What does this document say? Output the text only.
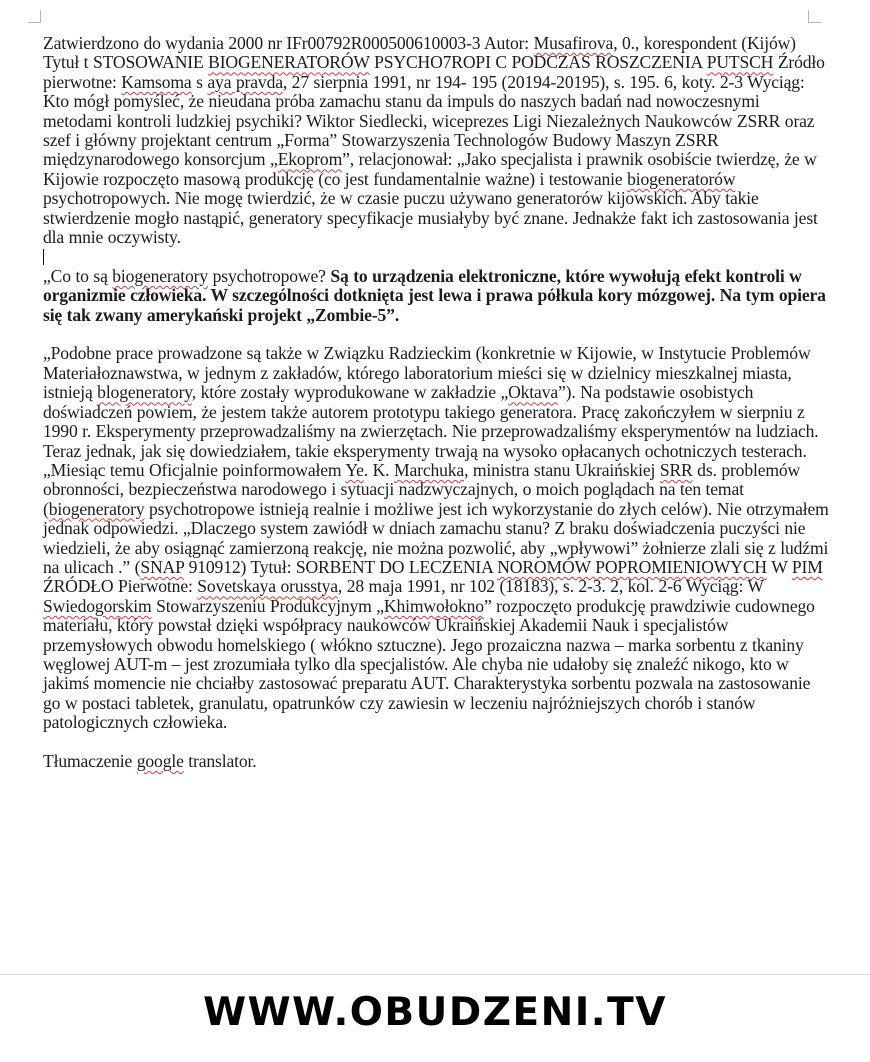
Zatwierdzono do wydania 2000 nr IFr00792R000500610003-3 Autor: Musafirova, 0., korespondent (Kijów) Tytuł t STOSOWANIE BIOGENERATORÓW PSYCHO7ROPI C PODCZAS ROSZCZENIA PUTSCH Źródło pierwotne: Kamsoma s aya pravda, 27 sierpnia 1991, nr 194- 195 (20194-20195), s. 195. 6, koty. 2-3 Wyciąg: Kto mógł pomyśleć, że nieudana próba zamachu stanu da impuls do naszych badań nad nowoczesnymi metodami kontroli ludzkiej psychiki? Wiktor Siedlecki, wiceprezes Ligi Niezależnych Naukowców ZSRR oraz szef i główny projektant centrum „Forma” Stowarzyszenia Technologów Budowy Maszyn ZSRR międzynarodowego konsorcjum „Ekoprom”, relacjonował: „Jako specjalista i prawnik osobiście twierdzę, że w Kijowie rozpoczęto masową produkcję (co jest fundamentalnie ważne) i testowanie biogeneratorów psychotropowych. Nie mogę twierdzić, że w czasie puczu używano generatorów kijowskich. Aby takie stwierdzenie mogło nastąpić, generatory specyfikacje musiałyby być znane. Jednakże fakt ich zastosowania jest dla mnie oczywisty.

„Co to są biogeneratory psychotropowe? Są to urządzenia elektroniczne, które wywołują efekt kontroli w organizmie człowieka. W szczególności dotknięta jest lewa i prawa półkula kory mózgowej. Na tym opiera się tak zwany amerykański projekt „Zombie-5”.

„Podobne prace prowadzone są także w Związku Radzieckim (konkretnie w Kijowie, w Instytucie Problemów Materiałoznawstwa, w jednym z zakładów, którego laboratorium mieści się w dzielnicy mieszkalnej miasta, istnieją blogeneratory, które zostały wyprodukowane w zakładzie „Oktava”). Na podstawie osobistych doświadczeń powiem, że jestem także autorem prototypu takiego generatora. Pracę zakończyłem w sierpniu z 1990 r. Eksperymenty przeprowadzaliśmy na zwierzętach. Nie przeprowadzaliśmy eksperymentów na ludziach. Teraz jednak, jak się dowiedziałem, takie eksperymenty trwają na wysoko opłacanych ochotniczych testerach. „Miesiąc temu Oficjalnie poinformowałem Ye. K. Marchuka, ministra stanu Ukraińskiej SRR ds. problemów obronności, bezpieczeństwa narodowego i sytuacji nadzwyczajnych, o moich poglądach na ten temat (biogeneratory psychotropowe istnieją realnie i możliwe jest ich wykorzystanie do złych celów). Nie otrzymałem jednak odpowiedzi. „Dlaczego system zawiódł w dniach zamachu stanu? Z braku doświadczenia puczyści nie wiedzieli, że aby osiągnąć zamierzoną reakcję, nie można pozwolić, aby „wpływowi” żołnierze zlali się z ludźmi na ulicach .” (SNAP 910912) Tytuł: SORBENT DO LECZENIA NOROMÓW POPROMIENIOWYCH W PIM ŹRÓDŁO Pierwotne: Sovetskaya orusstya, 28 maja 1991, nr 102 (18183), s. 2-3. 2, kol. 2-6 Wyciąg: W Swiedogorskim Stowarzyszeniu Produkcyjnym „Khimwołokno” rozpoczęto produkcję prawdziwie cudownego materiału, który powstał dzięki współpracy naukowców Ukraińskiej Akademii Nauk i specjalistów przemysłowych obwodu homelskiego ( włókno sztuczne). Jego prozaiczna nazwa – marka sorbentu z tkaniny węglowej AUT-m – jest zrozumiała tylko dla specjalistów. Ale chyba nie udałoby się znaleźć nikogo, kto w jakimś momencie nie chciałby zastosować preparatu AUT. Charakterystyka sorbentu pozwala na zastosowanie go w postaci tabletek, granulatu, opatrunków czy zawiesin w leczeniu najróżniejszych chorób i stanów patologicznych człowieka.

Tłumaczenie google translator.

WWW.OBUDZENI.TV
